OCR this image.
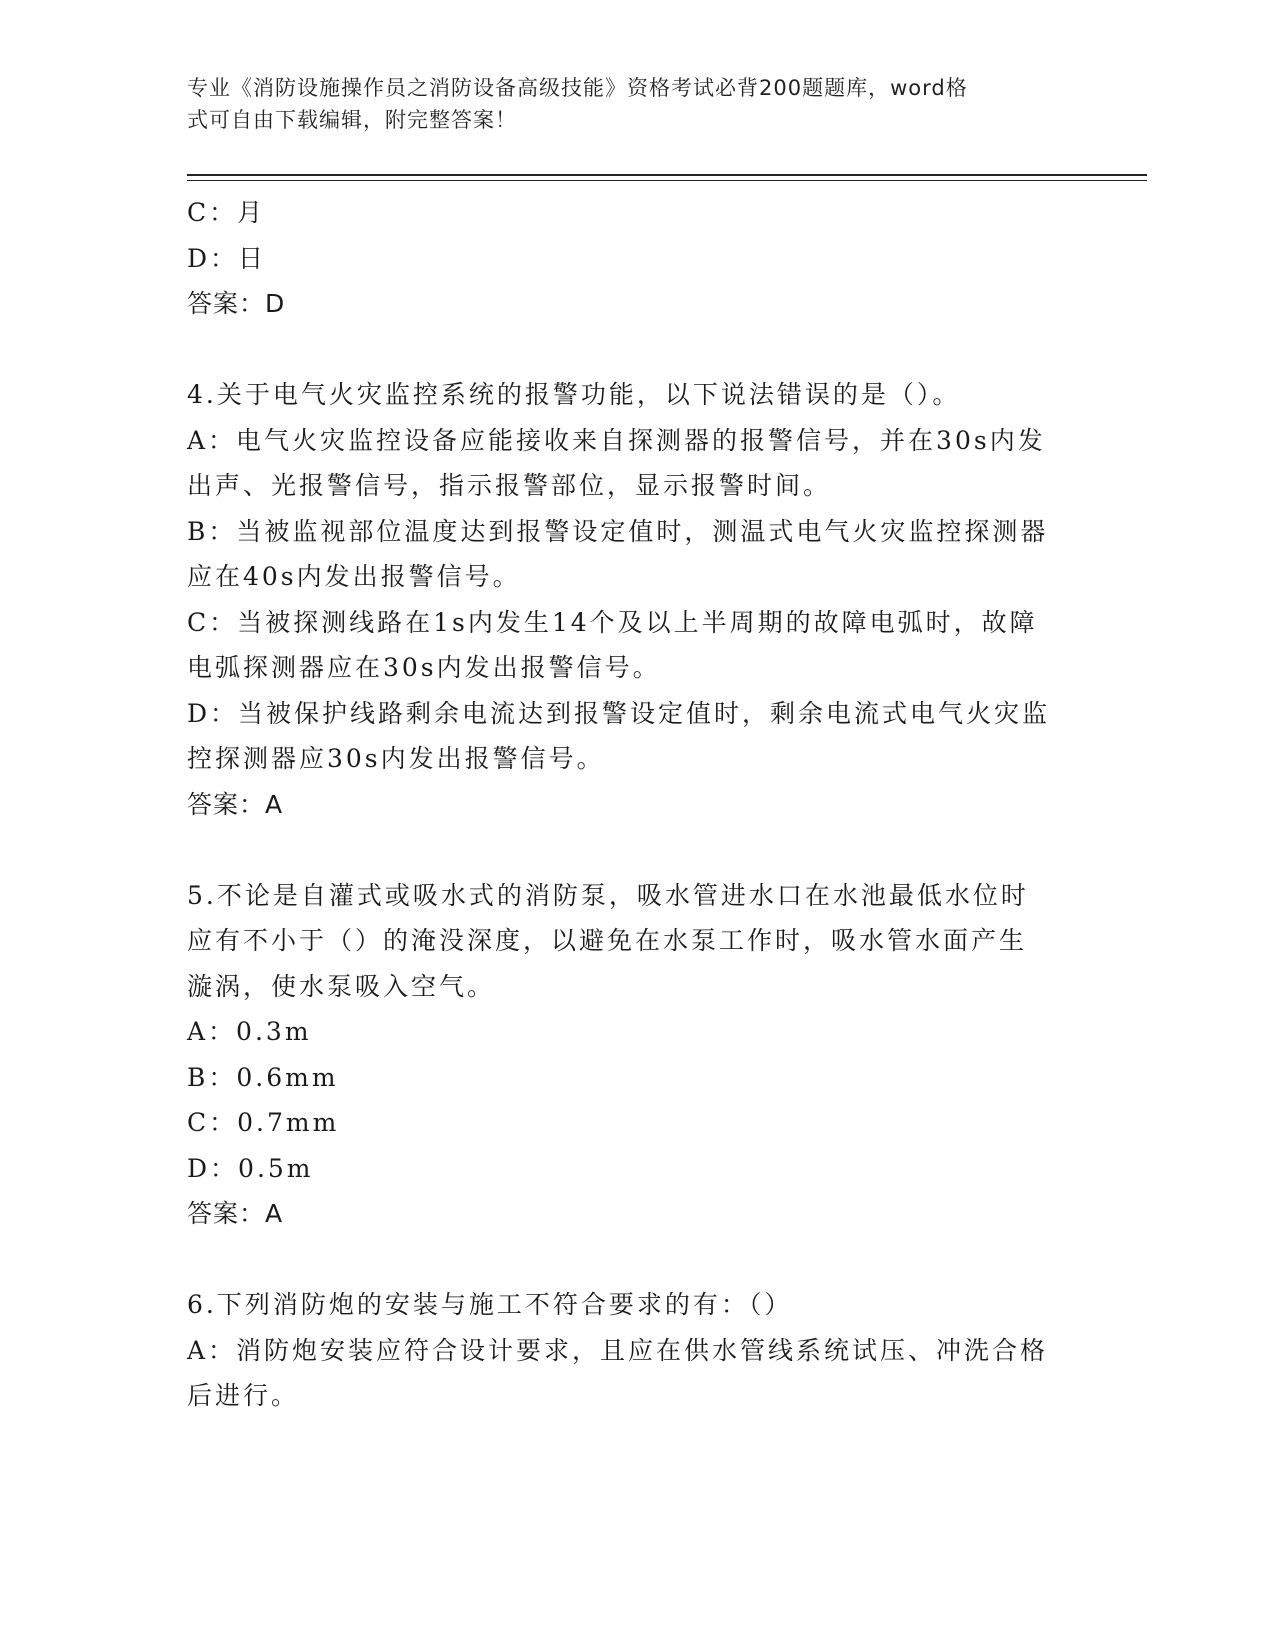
专业《消防设施操作员之消防设备高级技能》资格考试必背200题题库，word格
式可自由下载编辑，附完整答案！

C：月

D：日

答案：D

4.关于电气火灾监控系统的报警功能，以下说法错误的是（）。

A：电气火灾监控设备应能接收来自探测器的报警信号，并在30s内发

出声、光报警信号，指示报警部位，显示报警时间。

B：当被监视部位温度达到报警设定值时，测温式电气火灾监控探测器

应在40s内发出报警信号。

C：当被探测线路在1s内发生14个及以上半周期的故障电弧时，故障

电弧探测器应在30s内发出报警信号。

D：当被保护线路剩余电流达到报警设定值时，剩余电流式电气火灾监

控探测器应30s内发出报警信号。

答案：A

5.不论是自灌式或吸水式的消防泵，吸水管进水口在水池最低水位时

应有不小于（）的淹没深度，以避免在水泵工作时，吸水管水面产生

漩涡，使水泵吸入空气。

A：0.3m

B：0.6mm

C：0.7mm

D：0.5m

答案：A

6.下列消防炮的安装与施工不符合要求的有：（）

A：消防炮安装应符合设计要求，且应在供水管线系统试压、冲洗合格

后进行。
